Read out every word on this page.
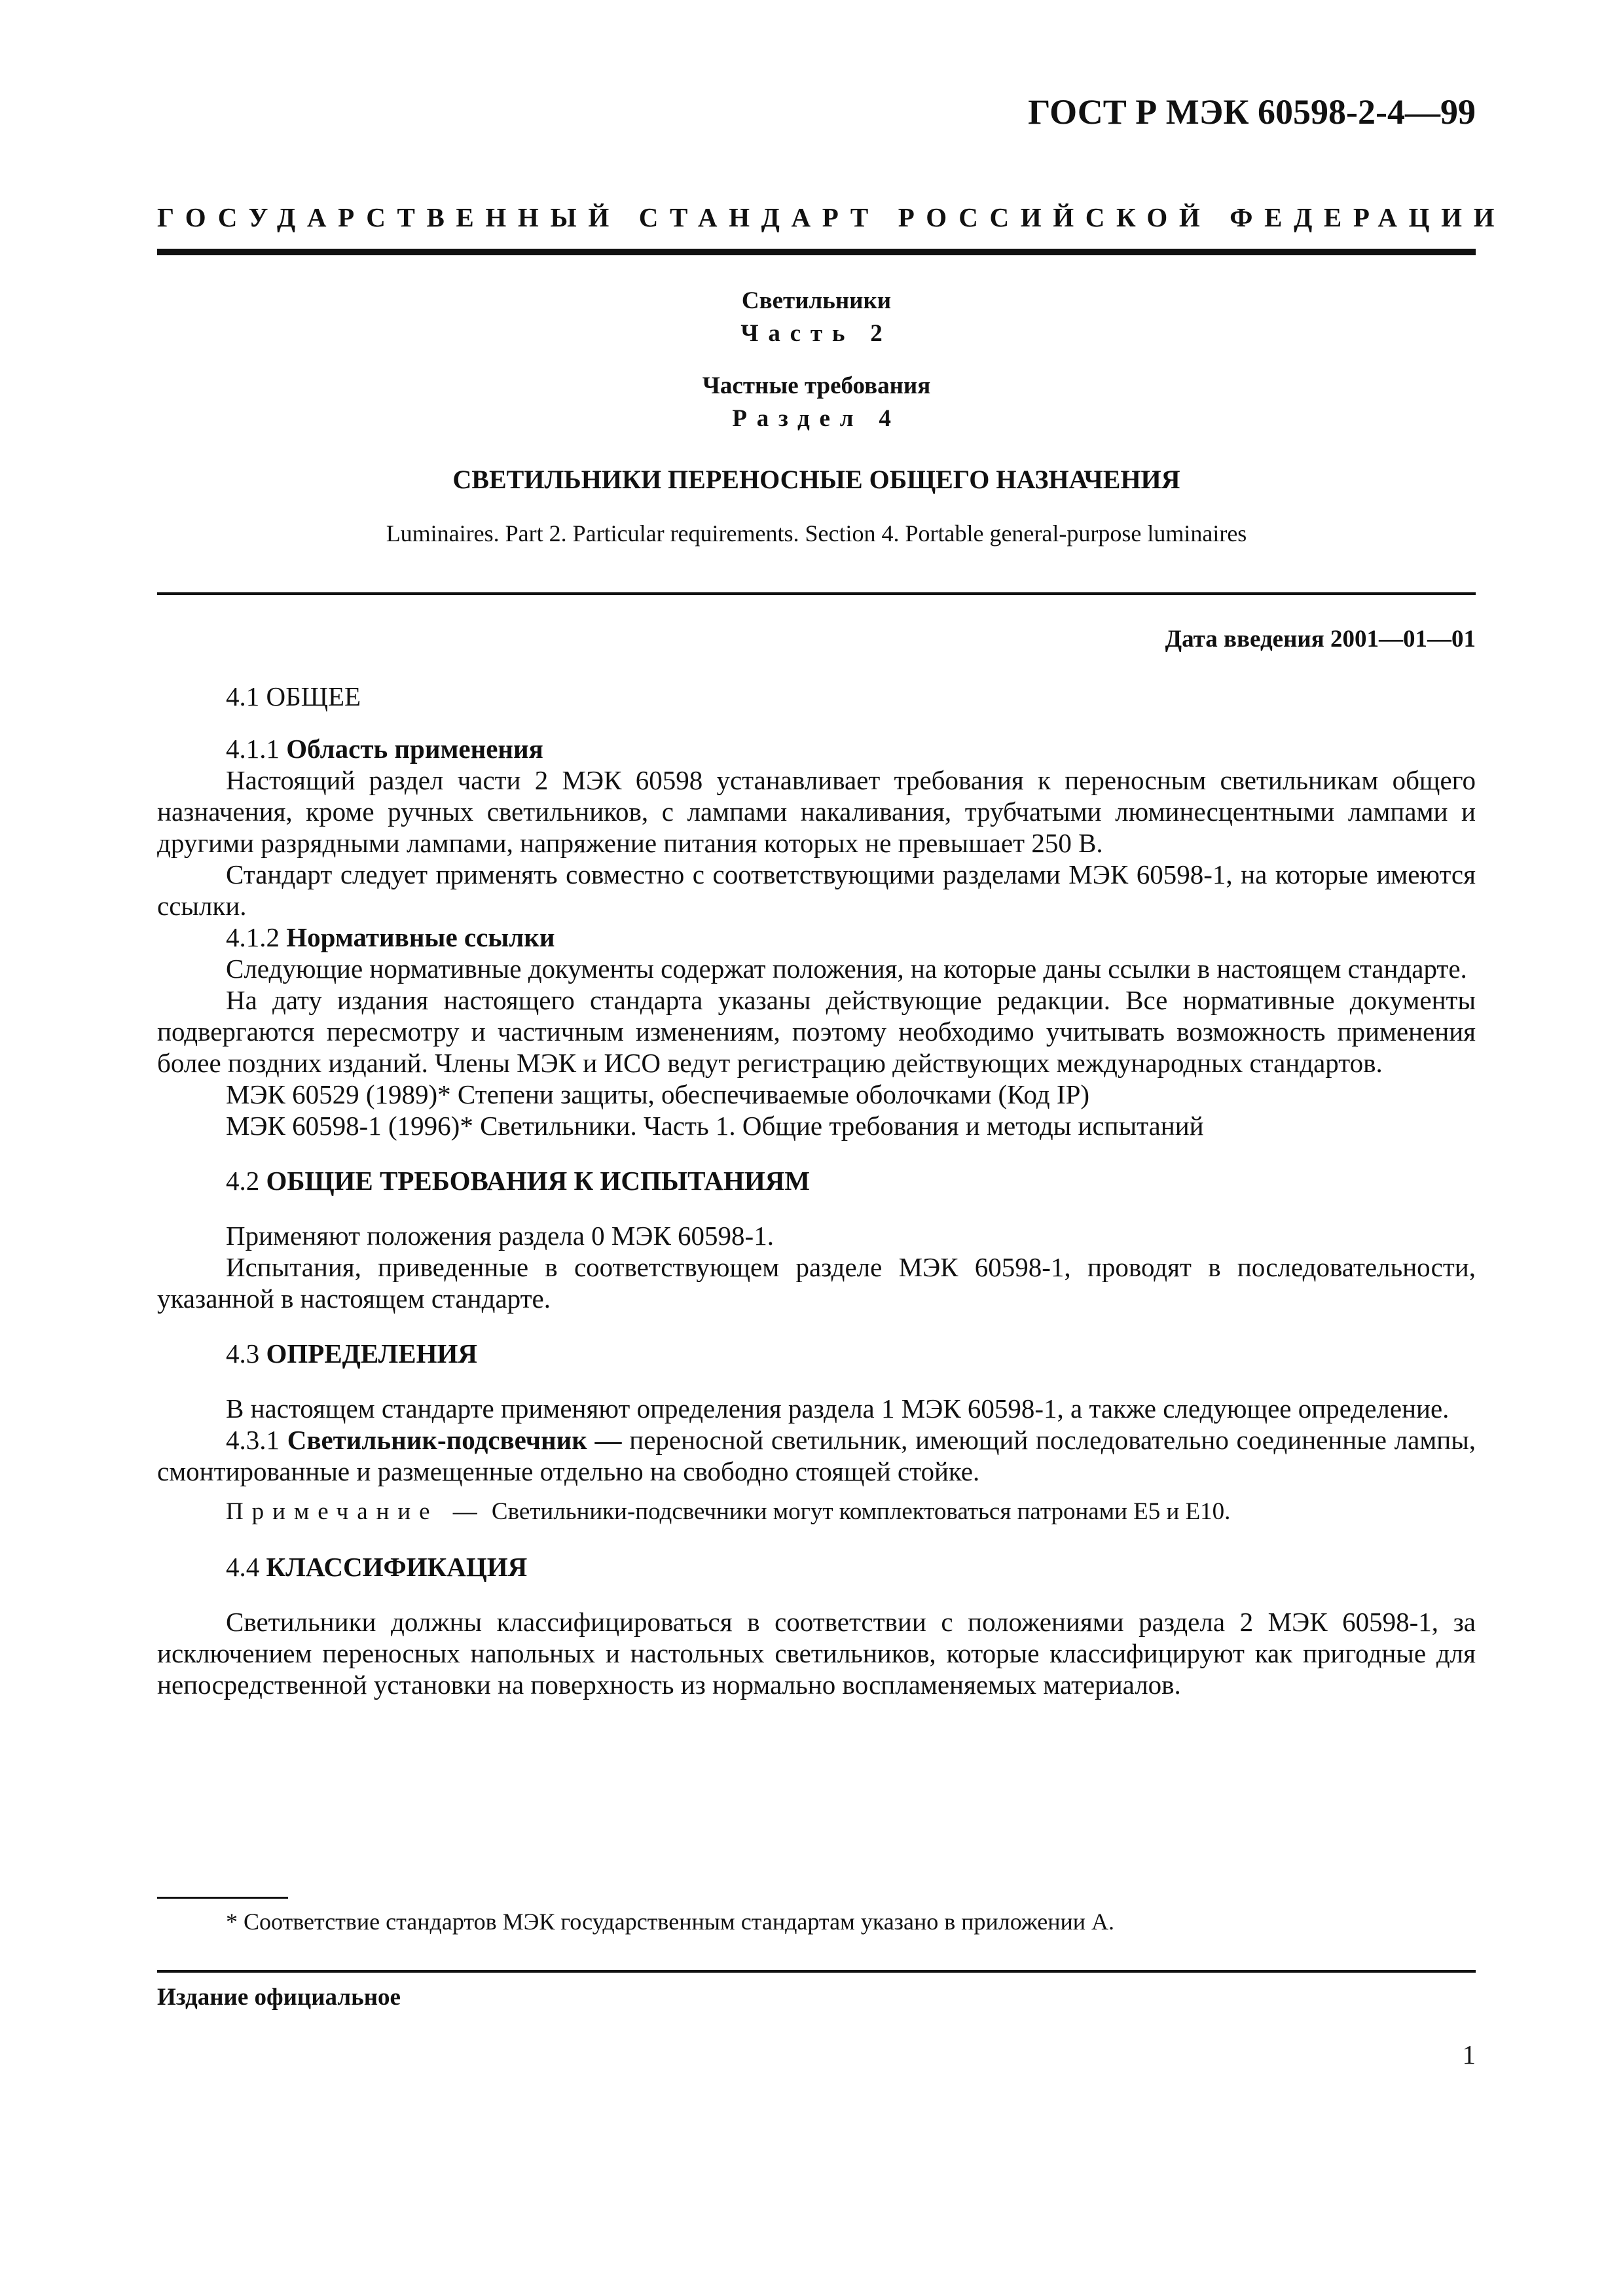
ГОСТ Р МЭК 60598-2-4—99
ГОСУДАРСТВЕННЫЙ СТАНДАРТ РОССИЙСКОЙ ФЕДЕРАЦИИ
Светильники
Часть 2
Частные требования
Раздел 4
СВЕТИЛЬНИКИ ПЕРЕНОСНЫЕ ОБЩЕГО НАЗНАЧЕНИЯ
Luminaires. Part 2. Particular requirements. Section 4. Portable general-purpose luminaires
Дата введения 2001—01—01

4.1 ОБЩЕЕ

4.1.1 Область применения

Настоящий раздел части 2 МЭК 60598 устанавливает требования к переносным светильникам общего назначения, кроме ручных светильников, с лампами накаливания, трубчатыми люминесцентными лампами и другими разрядными лампами, напряжение питания которых не превышает 250 В.

Стандарт следует применять совместно с соответствующими разделами МЭК 60598-1, на которые имеются ссылки.

4.1.2 Нормативные ссылки

Следующие нормативные документы содержат положения, на которые даны ссылки в настоящем стандарте.

На дату издания настоящего стандарта указаны действующие редакции. Все нормативные документы подвергаются пересмотру и частичным изменениям, поэтому необходимо учитывать возможность применения более поздних изданий. Члены МЭК и ИСО ведут регистрацию действующих международных стандартов.

МЭК 60529 (1989)* Степени защиты, обеспечиваемые оболочками (Код IP)

МЭК 60598-1 (1996)* Светильники. Часть 1. Общие требования и методы испытаний

4.2 ОБЩИЕ ТРЕБОВАНИЯ К ИСПЫТАНИЯМ

Применяют положения раздела 0 МЭК 60598-1.

Испытания, приведенные в соответствующем разделе МЭК 60598-1, проводят в последовательности, указанной в настоящем стандарте.

4.3 ОПРЕДЕЛЕНИЯ

В настоящем стандарте применяют определения раздела 1 МЭК 60598-1, а также следующее определение.

4.3.1 Светильник-подсвечник — переносной светильник, имеющий последовательно соединенные лампы, смонтированные и размещенные отдельно на свободно стоящей стойке.

Примечание — Светильники-подсвечники могут комплектоваться патронами Е5 и Е10.

4.4 КЛАССИФИКАЦИЯ

Светильники должны классифицироваться в соответствии с положениями раздела 2 МЭК 60598-1, за исключением переносных напольных и настольных светильников, которые классифицируют как пригодные для непосредственной установки на поверхность из нормально воспламеняемых материалов.

* Соответствие стандартов МЭК государственным стандартам указано в приложении А.
Издание официальное
1
